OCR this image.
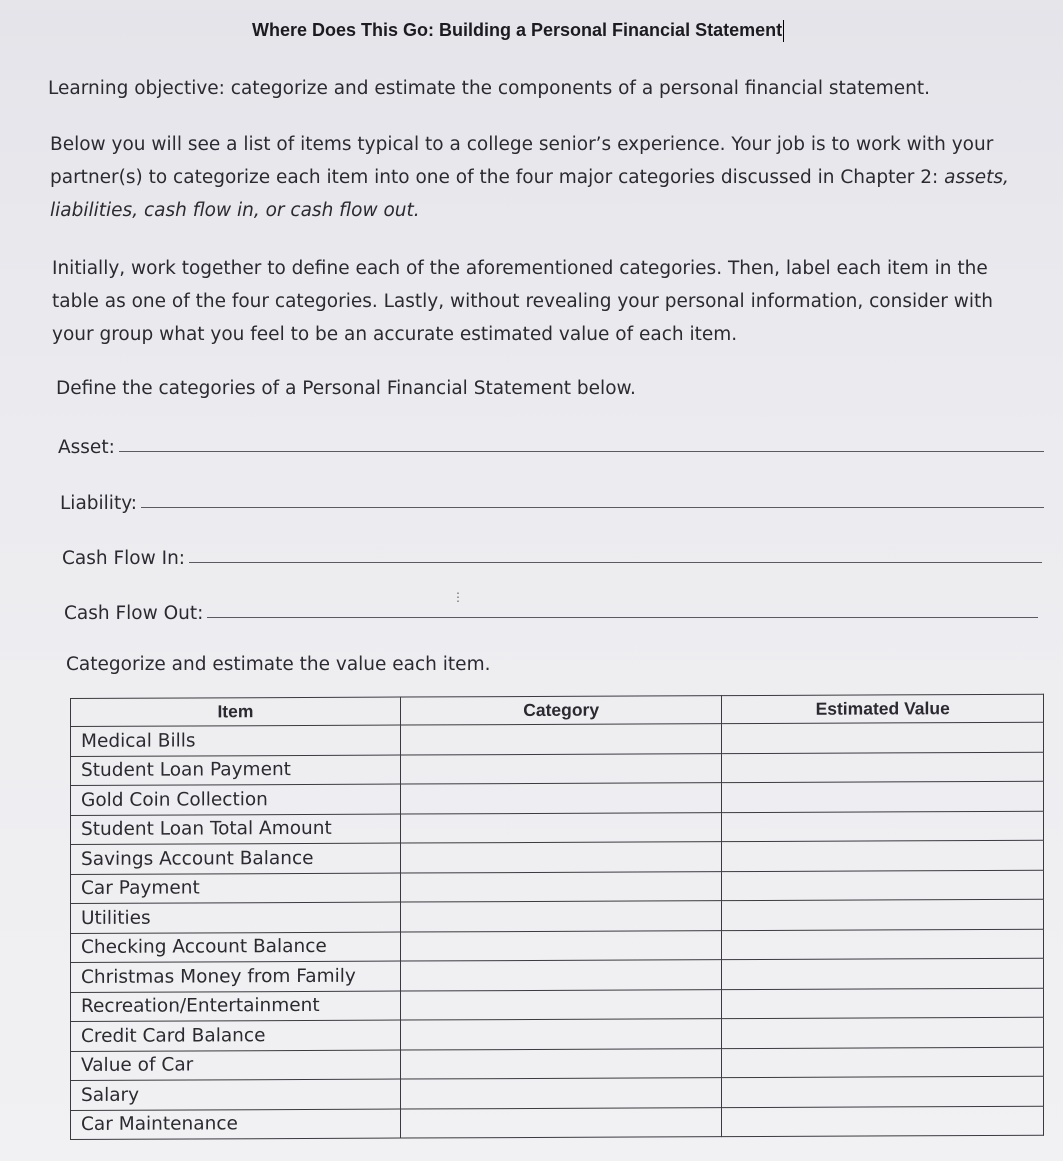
Where Does This Go: Building a Personal Financial Statement

Learning objective: categorize and estimate the components of a personal financial statement.

Below you will see a list of items typical to a college senior’s experience. Your job is to work with your partner(s) to categorize each item into one of the four major categories discussed in Chapter 2: assets, liabilities, cash flow in, or cash flow out.

Initially, work together to define each of the aforementioned categories. Then, label each item in the table as one of the four categories. Lastly, without revealing your personal information, consider with your group what you feel to be an accurate estimated value of each item.

Define the categories of a Personal Financial Statement below.

Asset:
Liability:
Cash Flow In:
Cash Flow Out:
⋮

Categorize and estimate the value each item.

Item	Category	Estimated Value
Medical Bills		
Student Loan Payment		
Gold Coin Collection		
Student Loan Total Amount		
Savings Account Balance		
Car Payment		
Utilities		
Checking Account Balance		
Christmas Money from Family		
Recreation/Entertainment		
Credit Card Balance		
Value of Car		
Salary		
Car Maintenance		
